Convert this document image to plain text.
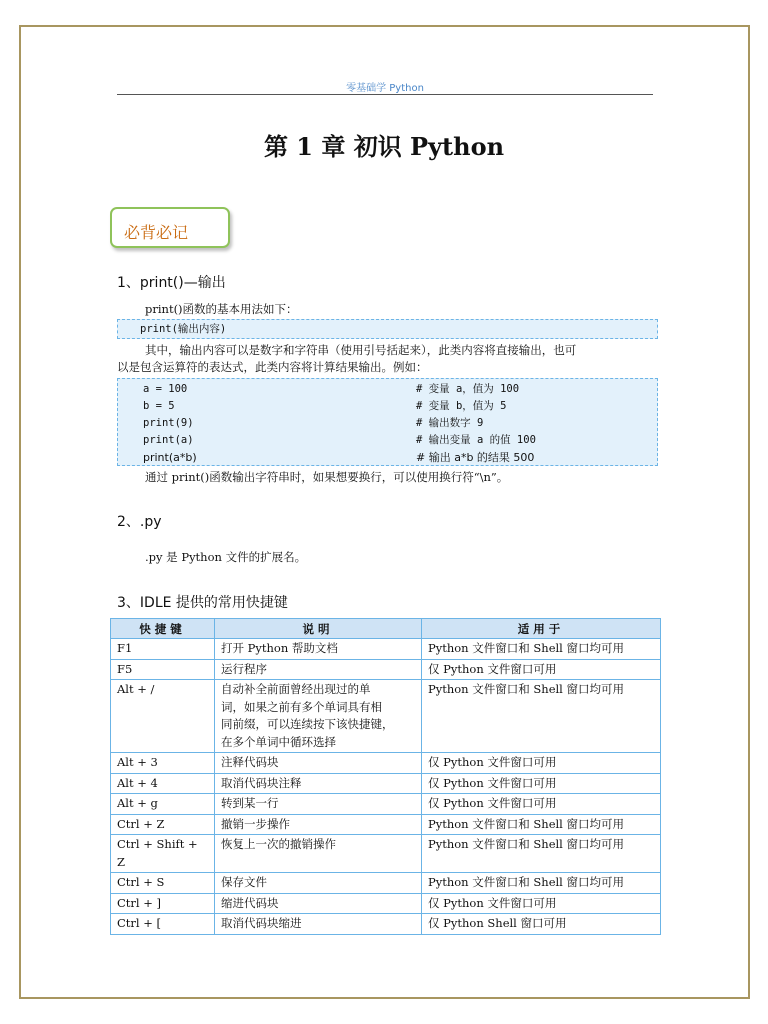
零基础学 Python
第 1 章 初识 Python
必背必记
1、print()—输出
print()函数的基本用法如下：
print(输出内容)
其中，输出内容可以是数字和字符串（使用引号括起来），此类内容将直接输出，也可
以是包含运算符的表达式，此类内容将计算结果输出。例如：
a = 100	# 变量 a，值为 100
b = 5	# 变量 b，值为 5
print(9)	# 输出数字 9
print(a)	# 输出变量 a 的值 100
print(a*b)	# 输出 a*b 的结果 500
通过 print()函数输出字符串时，如果想要换行，可以使用换行符“\n”。
2、.py
.py 是 Python 文件的扩展名。
3、IDLE 提供的常用快捷键
快捷键	说明	适用于
F1	打开 Python 帮助文档	Python 文件窗口和 Shell 窗口均可用
F5	运行程序	仅 Python 文件窗口可用
Alt + /	自动补全前面曾经出现过的单
词，如果之前有多个单词具有相
同前缀，可以连续按下该快捷键，
在多个单词中循环选择	Python 文件窗口和 Shell 窗口均可用
Alt + 3	注释代码块	仅 Python 文件窗口可用
Alt + 4	取消代码块注释	仅 Python 文件窗口可用
Alt + g	转到某一行	仅 Python 文件窗口可用
Ctrl + Z	撤销一步操作	Python 文件窗口和 Shell 窗口均可用
Ctrl + Shift + Z	恢复上一次的撤销操作	Python 文件窗口和 Shell 窗口均可用
Ctrl + S	保存文件	Python 文件窗口和 Shell 窗口均可用
Ctrl + ]	缩进代码块	仅 Python 文件窗口可用
Ctrl + [	取消代码块缩进	仅 Python Shell 窗口可用
